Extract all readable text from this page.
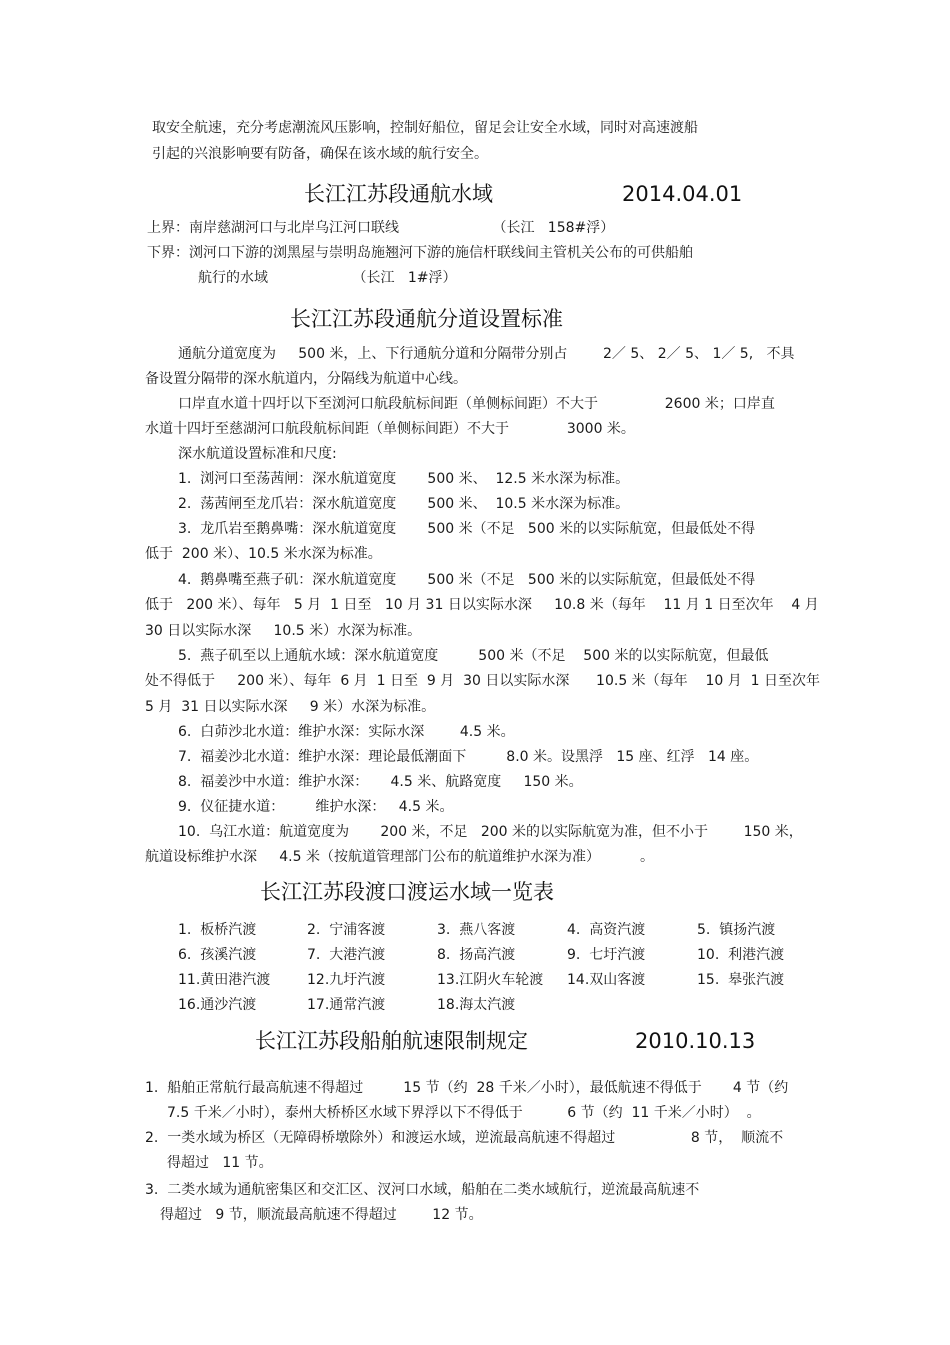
取安全航速，充分考虑潮流风压影响，控制好船位，留足会让安全水域，同时对高速渡船
引起的兴浪影响要有防备，确保在该水域的航行安全。
长江江苏段通航水域	2014.04.01
上界：南岸慈湖河口与北岸乌江河口联线                     （长江   158#浮）
下界：浏河口下游的浏黑屋与崇明岛施翘河下游的施信杆联线间主管机关公布的可供船舶
航行的水域                   （长江   1#浮）
长江江苏段通航分道设置标准
通航分道宽度为     500 米，上、下行通航分道和分隔带分别占        2／ 5、 2／ 5、 1／ 5,   不具
备设置分隔带的深水航道内，分隔线为航道中心线。
口岸直水道十四圩以下至浏河口航段航标间距（单侧标间距）不大于               2600 米；口岸直
水道十四圩至慈湖河口航段航标间距（单侧标间距）不大于             3000 米。
深水航道设置标准和尺度:
1.  浏河口至荡茜闸：深水航道宽度       500 米、  12.5 米水深为标准。
2.  荡茜闸至龙爪岩：深水航道宽度       500 米、  10.5 米水深为标准。
3.  龙爪岩至鹅鼻嘴：深水航道宽度       500 米（不足   500 米的以实际航宽，但最低处不得
低于  200 米）、10.5 米水深为标准。
4.  鹅鼻嘴至燕子矶：深水航道宽度       500 米（不足   500 米的以实际航宽，但最低处不得
低于   200 米）、每年   5 月  1 日至   10 月 31 日以实际水深     10.8 米（每年    11 月 1 日至次年    4 月
30 日以实际水深     10.5 米）水深为标准。
5.  燕子矶至以上通航水域：深水航道宽度         500 米（不足    500 米的以实际航宽，但最低
处不得低于     200 米）、每年  6 月  1 日至  9 月  30 日以实际水深      10.5 米（每年    10 月  1 日至次年
5 月  31 日以实际水深     9 米）水深为标准。
6.  白茆沙北水道：维护水深：实际水深        4.5 米。
7.  福姜沙北水道：维护水深：理论最低潮面下         8.0 米。设黑浮   15 座、红浮   14 座。
8.  福姜沙中水道：维护水深：     4.5 米、航路宽度     150 米。
9.  仪征捷水道：       维护水深：   4.5 米。
10.  乌江水道：航道宽度为       200 米，不足   200 米的以实际航宽为准，但不小于        150 米，
航道设标维护水深     4.5 米（按航道管理部门公布的航道维护水深为准）         。
长江江苏段渡口渡运水域一览表
1.  板桥汽渡	2.  宁浦客渡	3.  燕八客渡	4.  高资汽渡	5.  镇扬汽渡
6.  孩溪汽渡	7.  大港汽渡	8.  扬高汽渡	9.  七圩汽渡	10.  利港汽渡
11.黄田港汽渡	12.九圩汽渡	13.江阴火车轮渡 14.双山客渡	15.  皋张汽渡
16.通沙汽渡	17.通常汽渡	18.海太汽渡
长江江苏段船舶航速限制规定	2010.10.13
1.  船舶正常航行最高航速不得超过         15 节（约  28 千米／小时），最低航速不得低于       4 节（约
7.5 千米／小时），泰州大桥桥区水域下界浮以下不得低于          6 节（约  11 千米／小时）  。
2.  一类水域为桥区（无障碍桥墩除外）和渡运水域，逆流最高航速不得超过                 8 节，  顺流不
得超过   11 节。
3.  二类水域为通航密集区和交汇区、汊河口水域，船舶在二类水域航行，逆流最高航速不
得超过   9 节，顺流最高航速不得超过        12 节。
